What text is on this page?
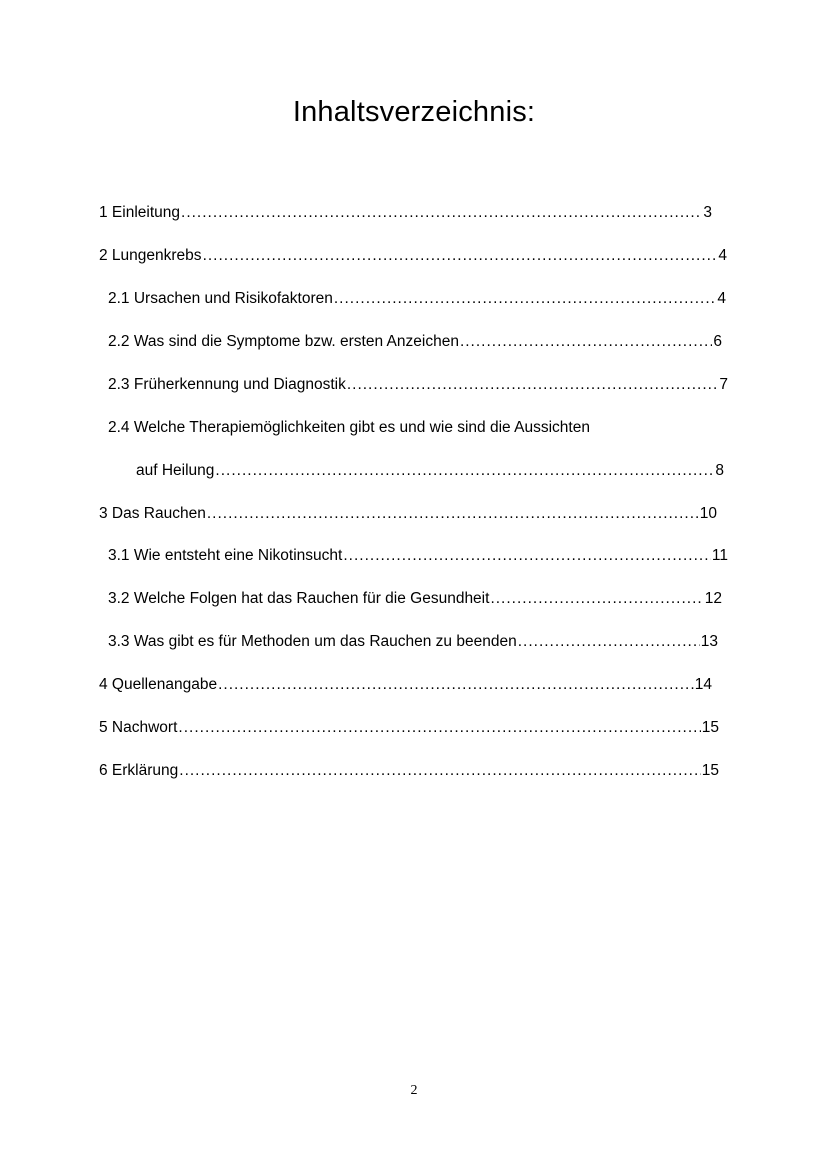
Inhaltsverzeichnis:
1 Einleitung .....	3
2 Lungenkrebs .....	4
2.1 Ursachen und Risikofaktoren .....	4
2.2 Was sind die Symptome bzw. ersten Anzeichen .....	6
2.3 Früherkennung und Diagnostik .....	7
2.4 Welche Therapiemöglichkeiten gibt es und wie sind die Aussichten
auf Heilung .....	8
3 Das Rauchen .....	10
3.1 Wie entsteht eine Nikotinsucht .....	11
3.2 Welche Folgen hat das Rauchen für die Gesundheit .....	12
3.3 Was gibt es für Methoden um das Rauchen zu beenden .....	13
4 Quellenangabe .....	14
5 Nachwort .....	15
6 Erklärung .....	15
2
